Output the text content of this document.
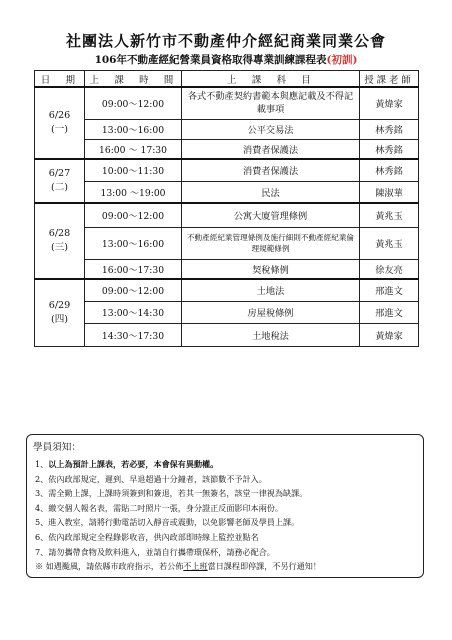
社團法人新竹市不動產仲介經紀商業同業公會
106年不動產經紀營業員資格取得專業訓練課程表(初訓)
日　期	上　課　時　間	上　課　科　目	授課老師

6/26
(一)	09:00～12:00	各式不動產契約書範本與應記載及不得記載事項	黃煒家
	13:00～16:00	公平交易法	林秀銘
	16:00 ～ 17:30	消費者保護法	林秀銘

6/27
(二)	10:00～11:30	消費者保護法	林秀銘
	13:00 ～19:00	民法	陳淑華

6/28
(三)	09:00～12:00	公寓大廈管理條例	黃兆玉
	13:00～16:00	不動產經紀業管理條例及施行細則不動產經紀業倫理規範條例	黃兆玉
	16:00～17:30	契稅條例	徐友亮

6/29
(四)	09:00～12:00	土地法	邢進文
	13:00～14:30	房屋稅條例	邢進文
	14:30～17:30	土地稅法	黃煒家
學員須知：
1、以上為預計上課表，若必要，本會保有異動權。
2、依內政部規定，遲到、早退超過十分鐘者，該節數不予計入。
3、需全勤上課，上課時須簽到和簽退，若其一無簽名，該堂一律視為缺課。
4、繳交個人報名表，需貼二吋照片一張，身分證正反面影印本兩份。
5、進入教室，請將行動電話切入靜音或震動，以免影響老師及學員上課。
6、依內政部規定全程錄影收音，供內政部即時線上監控並點名
7、請勿攜帶食物及飲料進入，並請自行攜帶環保杯，請務必配合。
※ 如遇颱風，請依縣市政府指示，若公佈不上班當日課程即停課，不另行通知！
